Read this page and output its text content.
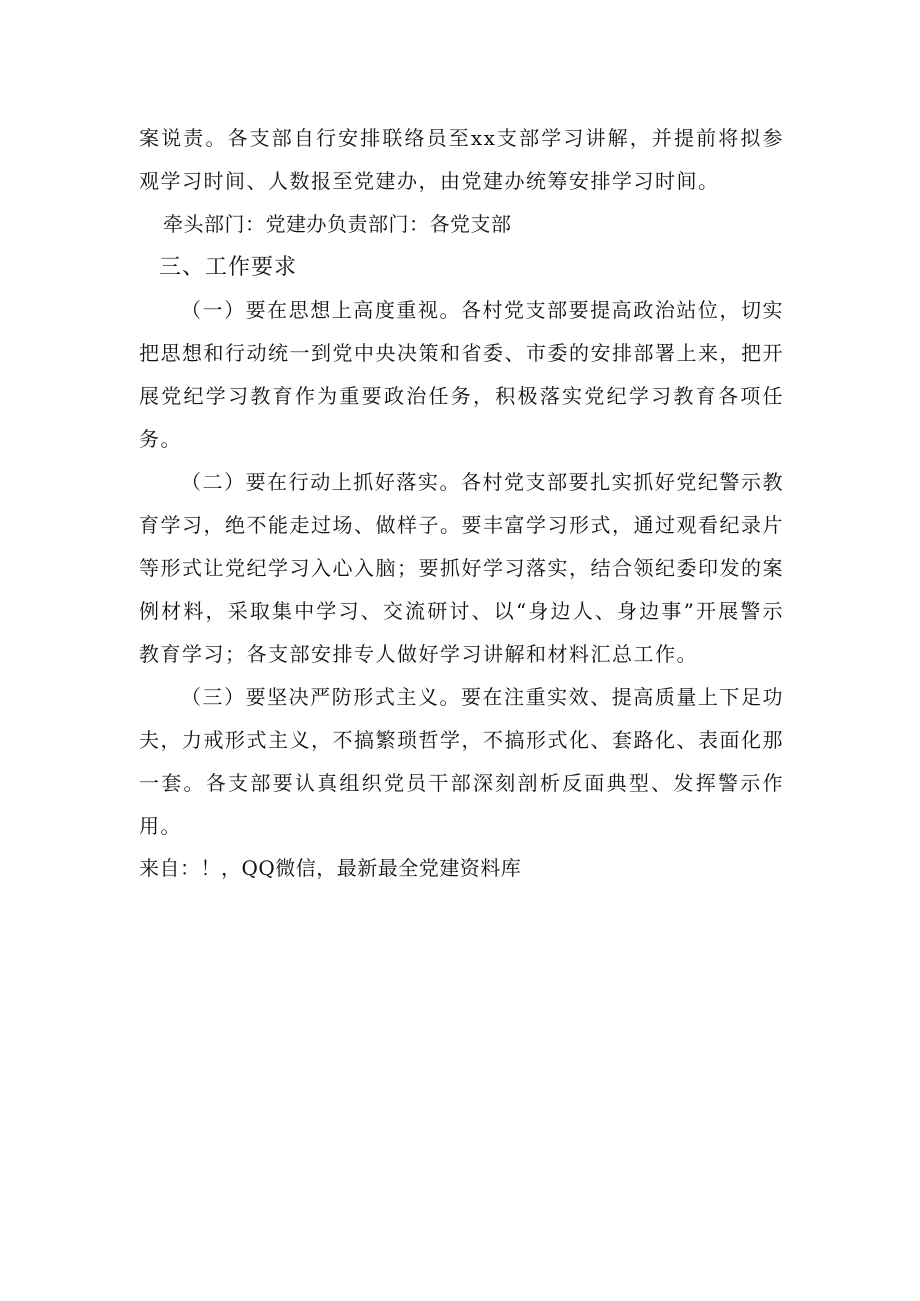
案说责。各支部自行安排联络员至xx支部学习讲解，并提前将拟参观学习时间、人数报至党建办，由党建办统筹安排学习时间。

牵头部门：党建办负责部门：各党支部

三、工作要求

（一）要在思想上高度重视。各村党支部要提高政治站位，切实把思想和行动统一到党中央决策和省委、市委的安排部署上来，把开展党纪学习教育作为重要政治任务，积极落实党纪学习教育各项任务。

（二）要在行动上抓好落实。各村党支部要扎实抓好党纪警示教育学习，绝不能走过场、做样子。要丰富学习形式，通过观看纪录片等形式让党纪学习入心入脑；要抓好学习落实，结合领纪委印发的案例材料，采取集中学习、交流研讨、以“身边人、身边事”开展警示教育学习；各支部安排专人做好学习讲解和材料汇总工作。

（三）要坚决严防形式主义。要在注重实效、提高质量上下足功夫，力戒形式主义，不搞繁琐哲学，不搞形式化、套路化、表面化那一套。各支部要认真组织党员干部深刻剖析反面典型、发挥警示作用。

来自：！，QQ微信，最新最全党建资料库
